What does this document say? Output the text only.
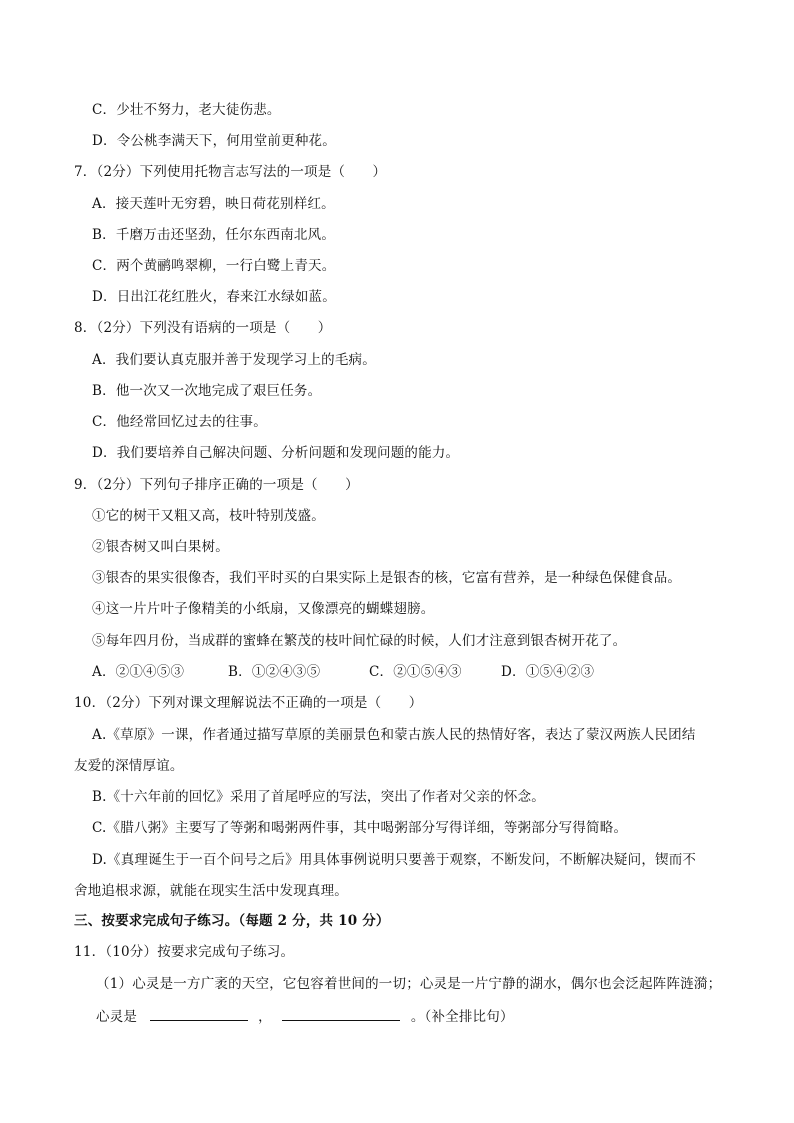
C．少壮不努力，老大徒伤悲。
D．令公桃李满天下，何用堂前更种花。
7．（2分）下列使用托物言志写法的一项是（　　）
A．接天莲叶无穷碧，映日荷花别样红。
B．千磨万击还坚劲，任尔东西南北风。
C．两个黄鹂鸣翠柳，一行白鹭上青天。
D．日出江花红胜火，春来江水绿如蓝。
8．（2分）下列没有语病的一项是（　　）
A．我们要认真克服并善于发现学习上的毛病。
B．他一次又一次地完成了艰巨任务。
C．他经常回忆过去的往事。
D．我们要培养自己解决问题、分析问题和发现问题的能力。
9．（2分）下列句子排序正确的一项是（　　）
①它的树干又粗又高，枝叶特别茂盛。
②银杏树又叫白果树。
③银杏的果实很像杏，我们平时买的白果实际上是银杏的核，它富有营养，是一种绿色保健食品。
④这一片片叶子像精美的小纸扇，又像漂亮的蝴蝶翅膀。
⑤每年四月份，当成群的蜜蜂在繁茂的枝叶间忙碌的时候，人们才注意到银杏树开花了。
A．②①④⑤③	B．①②④③⑤	C．②①⑤④③	D．①⑤④②③
10．（2分）下列对课文理解说法不正确的一项是（　　）
A.《草原》一课，作者通过描写草原的美丽景色和蒙古族人民的热情好客，表达了蒙汉两族人民团结
友爱的深情厚谊。
B.《十六年前的回忆》采用了首尾呼应的写法，突出了作者对父亲的怀念。
C.《腊八粥》主要写了等粥和喝粥两件事，其中喝粥部分写得详细，等粥部分写得简略。
D.《真理诞生于一百个问号之后》用具体事例说明只要善于观察，不断发问，不断解决疑问，锲而不
舍地追根求源，就能在现实生活中发现真理。
三、按要求完成句子练习。（每题 2 分，共 10 分）
11．（10分）按要求完成句子练习。
（1）心灵是一方广袤的天空，它包容着世间的一切；心灵是一片宁静的湖水，偶尔也会泛起阵阵涟漪；
心灵是	，	。（补全排比句）
